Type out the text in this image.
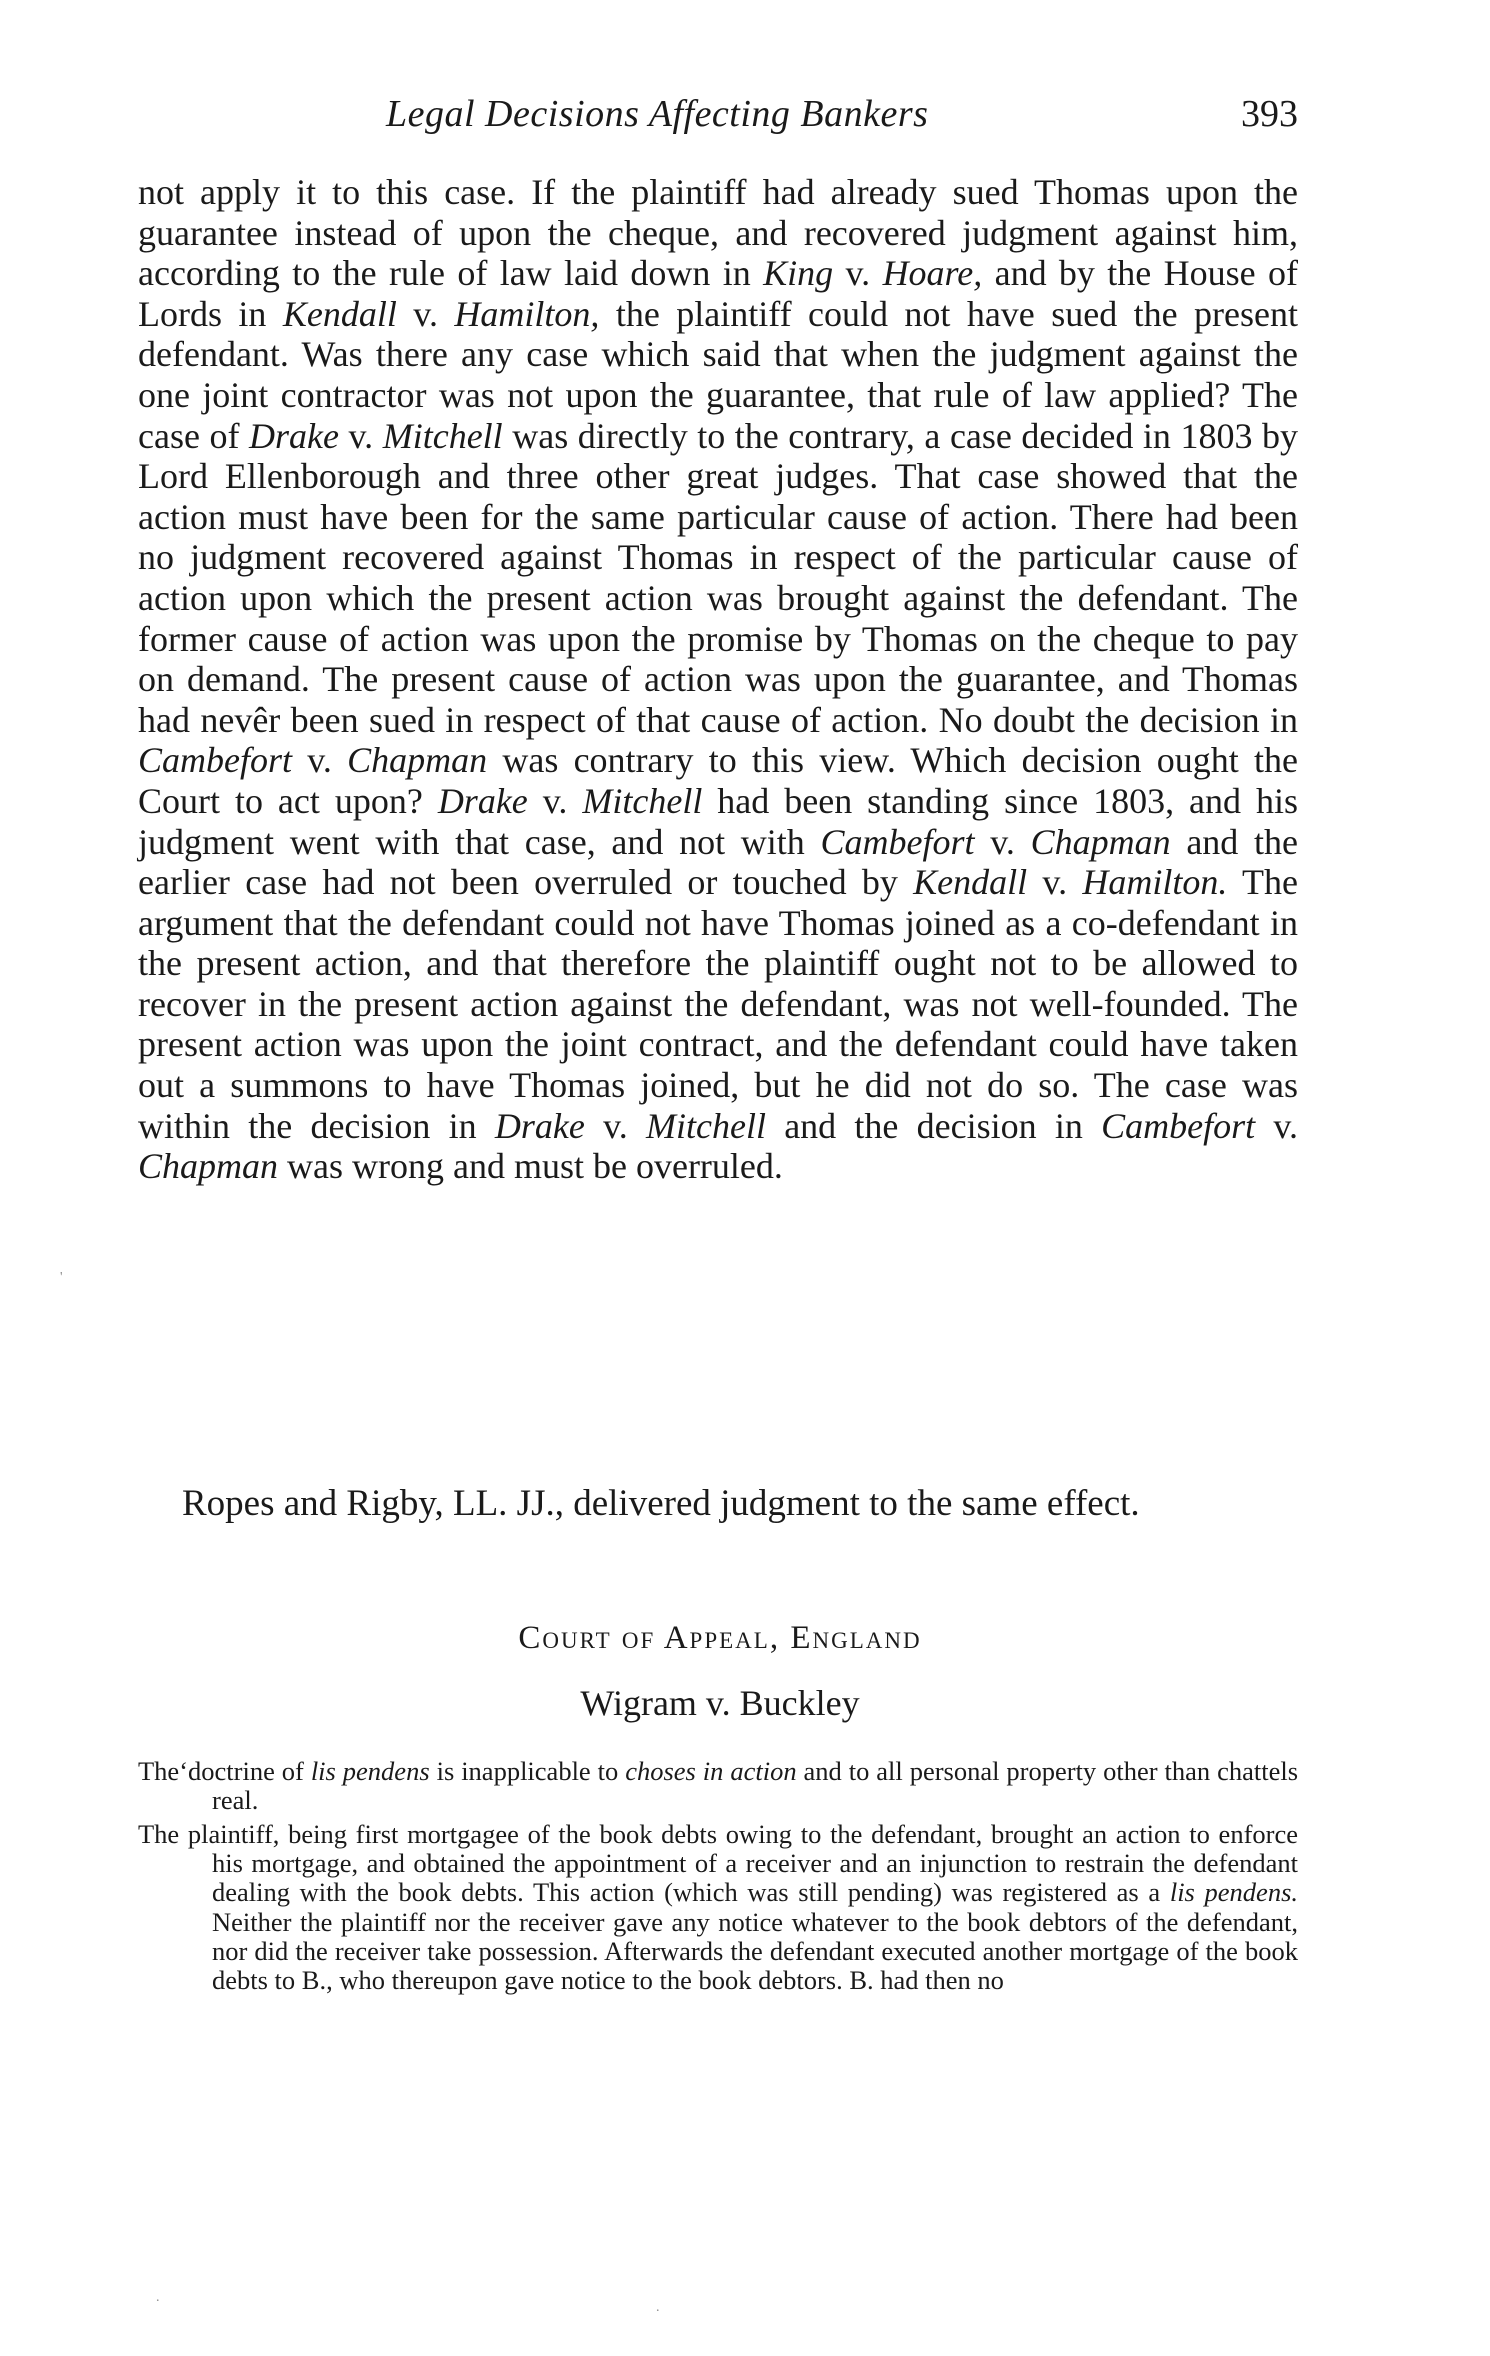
Legal Decisions Affecting Bankers	393

not apply it to this case. If the plaintiff had already sued Thomas upon the guarantee instead of upon the cheque, and recovered judgment against him, according to the rule of law laid down in King v. Hoare, and by the House of Lords in Kendall v. Hamilton, the plaintiff could not have sued the present defendant. Was there any case which said that when the judgment against the one joint contractor was not upon the guarantee, that rule of law applied? The case of Drake v. Mitchell was directly to the contrary, a case decided in 1803 by Lord Ellenborough and three other great judges. That case showed that the action must have been for the same particular cause of action. There had been no judgment recovered against Thomas in respect of the particular cause of action upon which the present action was brought against the defendant. The former cause of action was upon the promise by Thomas on the cheque to pay on demand. The present cause of action was upon the guarantee, and Thomas had nevêr been sued in respect of that cause of action. No doubt the decision in Cambefort v. Chapman was contrary to this view. Which decision ought the Court to act upon? Drake v. Mitchell had been standing since 1803, and his judgment went with that case, and not with Cambefort v. Chapman and the earlier case had not been overruled or touched by Kendall v. Hamilton. The argument that the defendant could not have Thomas joined as a co-defendant in the present action, and that therefore the plaintiff ought not to be allowed to recover in the present action against the defendant, was not well-founded. The present action was upon the joint contract, and the defendant could have taken out a summons to have Thomas joined, but he did not do so. The case was within the decision in Drake v. Mitchell and the decision in Cambefort v. Chapman was wrong and must be overruled.

Ropes and Rigby, LL. JJ., delivered judgment to the same effect.

Court of Appeal, England

Wigram v. Buckley

The‘doctrine of lis pendens is inapplicable to choses in action and to all personal property other than chattels real.

The plaintiff, being first mortgagee of the book debts owing to the defendant, brought an action to enforce his mortgage, and obtained the appointment of a receiver and an injunction to restrain the defendant dealing with the book debts. This action (which was still pending) was registered as a lis pendens. Neither the plaintiff nor the receiver gave any notice whatever to the book debtors of the defendant, nor did the receiver take possession. Afterwards the defendant executed another mortgage of the book debts to B., who thereupon gave notice to the book debtors. B. had then no

'
.
.
